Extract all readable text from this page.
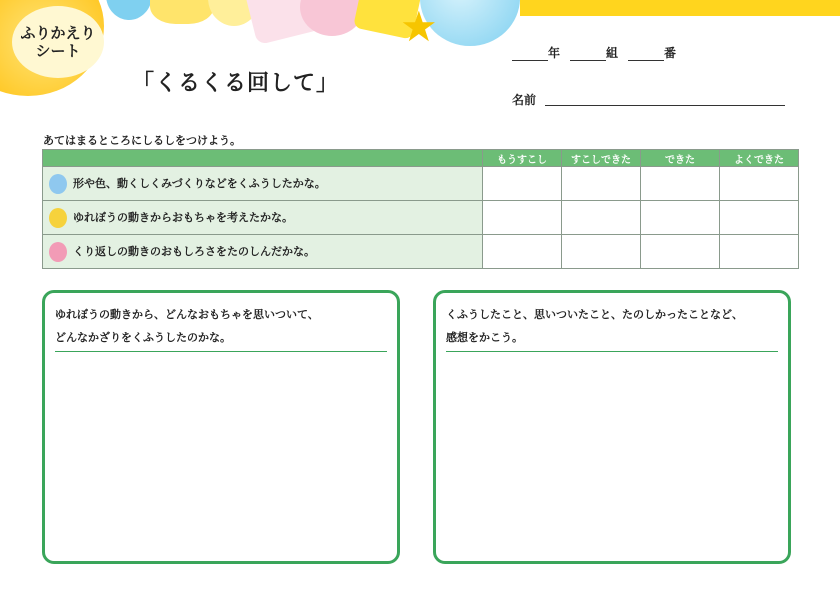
★
ふりかえり
シート
「くるくる回して」
年	組	番
名前
あてはまるところにしるしをつけよう。
	もうすこし	すこしできた	できた	よくできた
形や色、動くしくみづくりなどをくふうしたかな。				
ゆれぼうの動きからおもちゃを考えたかな。				
くり返しの動きのおもしろさをたのしんだかな。				
ゆれぼうの動きから、どんなおもちゃを思いついて、
どんなかざりをくふうしたのかな。
くふうしたこと、思いついたこと、たのしかったことなど、
感想をかこう。
